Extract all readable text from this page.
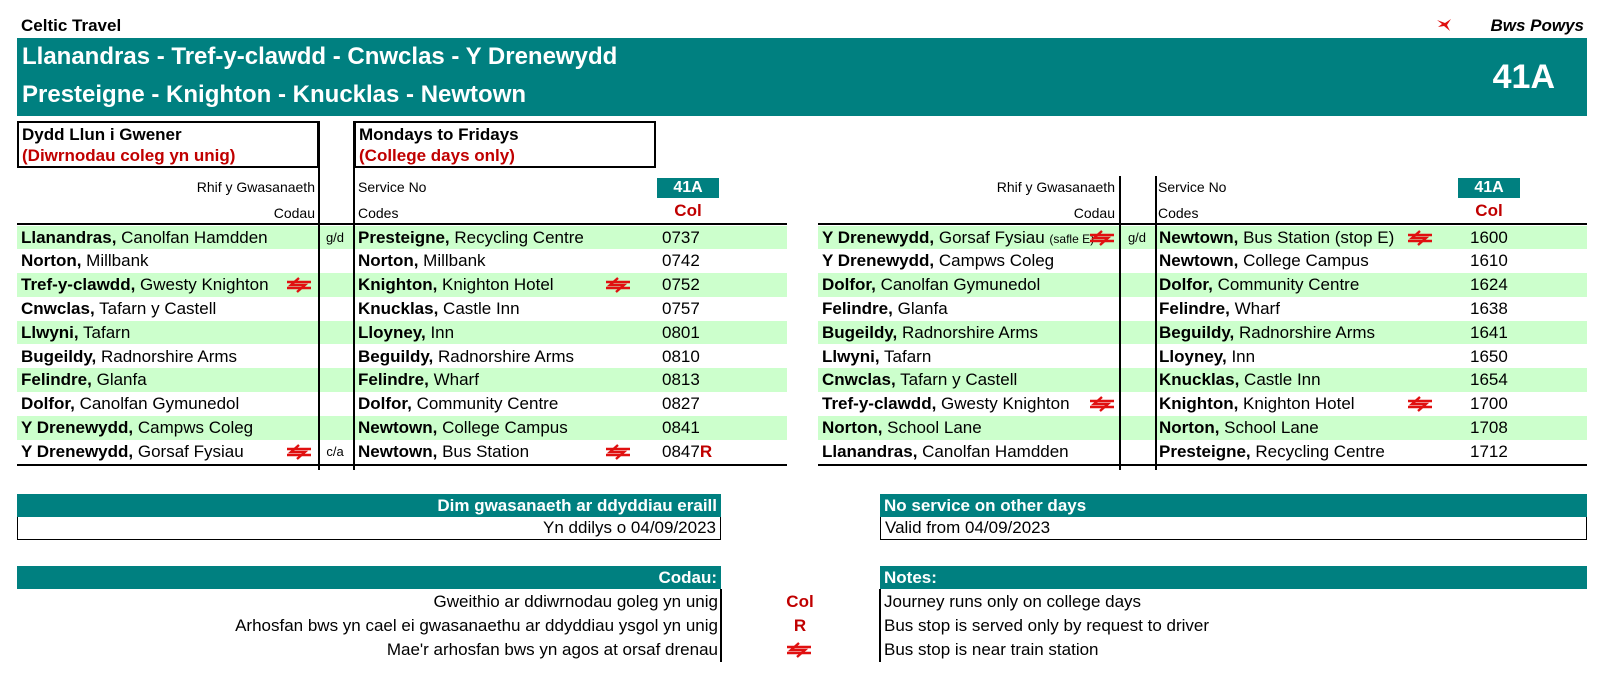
Celtic Travel	Bws Powys
Llanandras - Tref-y-clawdd - Cnwclas - Y Drenewydd
Presteigne - Knighton - Knucklas - Newtown	41A
Dydd Llun i Gwener
(Diwrnodau coleg yn unig)
Mondays to Fridays
(College days only)
Rhif y Gwasanaeth	Service No	41A
Codau	Codes	Col
Rhif y Gwasanaeth	Service No	41A
Codau	Codes	Col
Llanandras, Canolfan Hamdden	g/d Presteigne, Recycling Centre	0737
Norton, Millbank	Norton, Millbank	0742
Tref-y-clawdd, Gwesty Knighton	Knighton, Knighton Hotel	0752
Cnwclas, Tafarn y Castell	Knucklas, Castle Inn	0757
Llwyni, Tafarn	Lloyney, Inn	0801
Bugeildy, Radnorshire Arms	Beguildy, Radnorshire Arms	0810
Felindre, Glanfa	Felindre, Wharf	0813
Dolfor, Canolfan Gymunedol	Dolfor, Community Centre	0827
Y Drenewydd, Campws Coleg	Newtown, College Campus	0841
Y Drenewydd, Gorsaf Fysiau	c/a Newtown, Bus Station	0847R
Y Drenewydd, Gorsaf Fysiau (safle E)	g/d Newtown, Bus Station (stop E)	1600
Y Drenewydd, Campws Coleg	Newtown, College Campus	1610
Dolfor, Canolfan Gymunedol	Dolfor, Community Centre	1624
Felindre, Glanfa	Felindre, Wharf	1638
Bugeildy, Radnorshire Arms	Beguildy, Radnorshire Arms	1641
Llwyni, Tafarn	Lloyney, Inn	1650
Cnwclas, Tafarn y Castell	Knucklas, Castle Inn	1654
Tref-y-clawdd, Gwesty Knighton	Knighton, Knighton Hotel	1700
Norton, School Lane	Norton, School Lane	1708
Llanandras, Canolfan Hamdden	Presteigne, Recycling Centre	1712
Dim gwasanaeth ar ddyddiau eraill
Yn ddilys o 04/09/2023
No service on other days
Valid from 04/09/2023
Codau:	Notes:
Gweithio ar ddiwrnodau goleg yn unig	Col	Journey runs only on college days
Arhosfan bws yn cael ei gwasanaethu ar ddyddiau ysgol yn unig	R	Bus stop is served only by request to driver
Mae'r arhosfan bws yn agos at orsaf drenau	Bus stop is near train station
